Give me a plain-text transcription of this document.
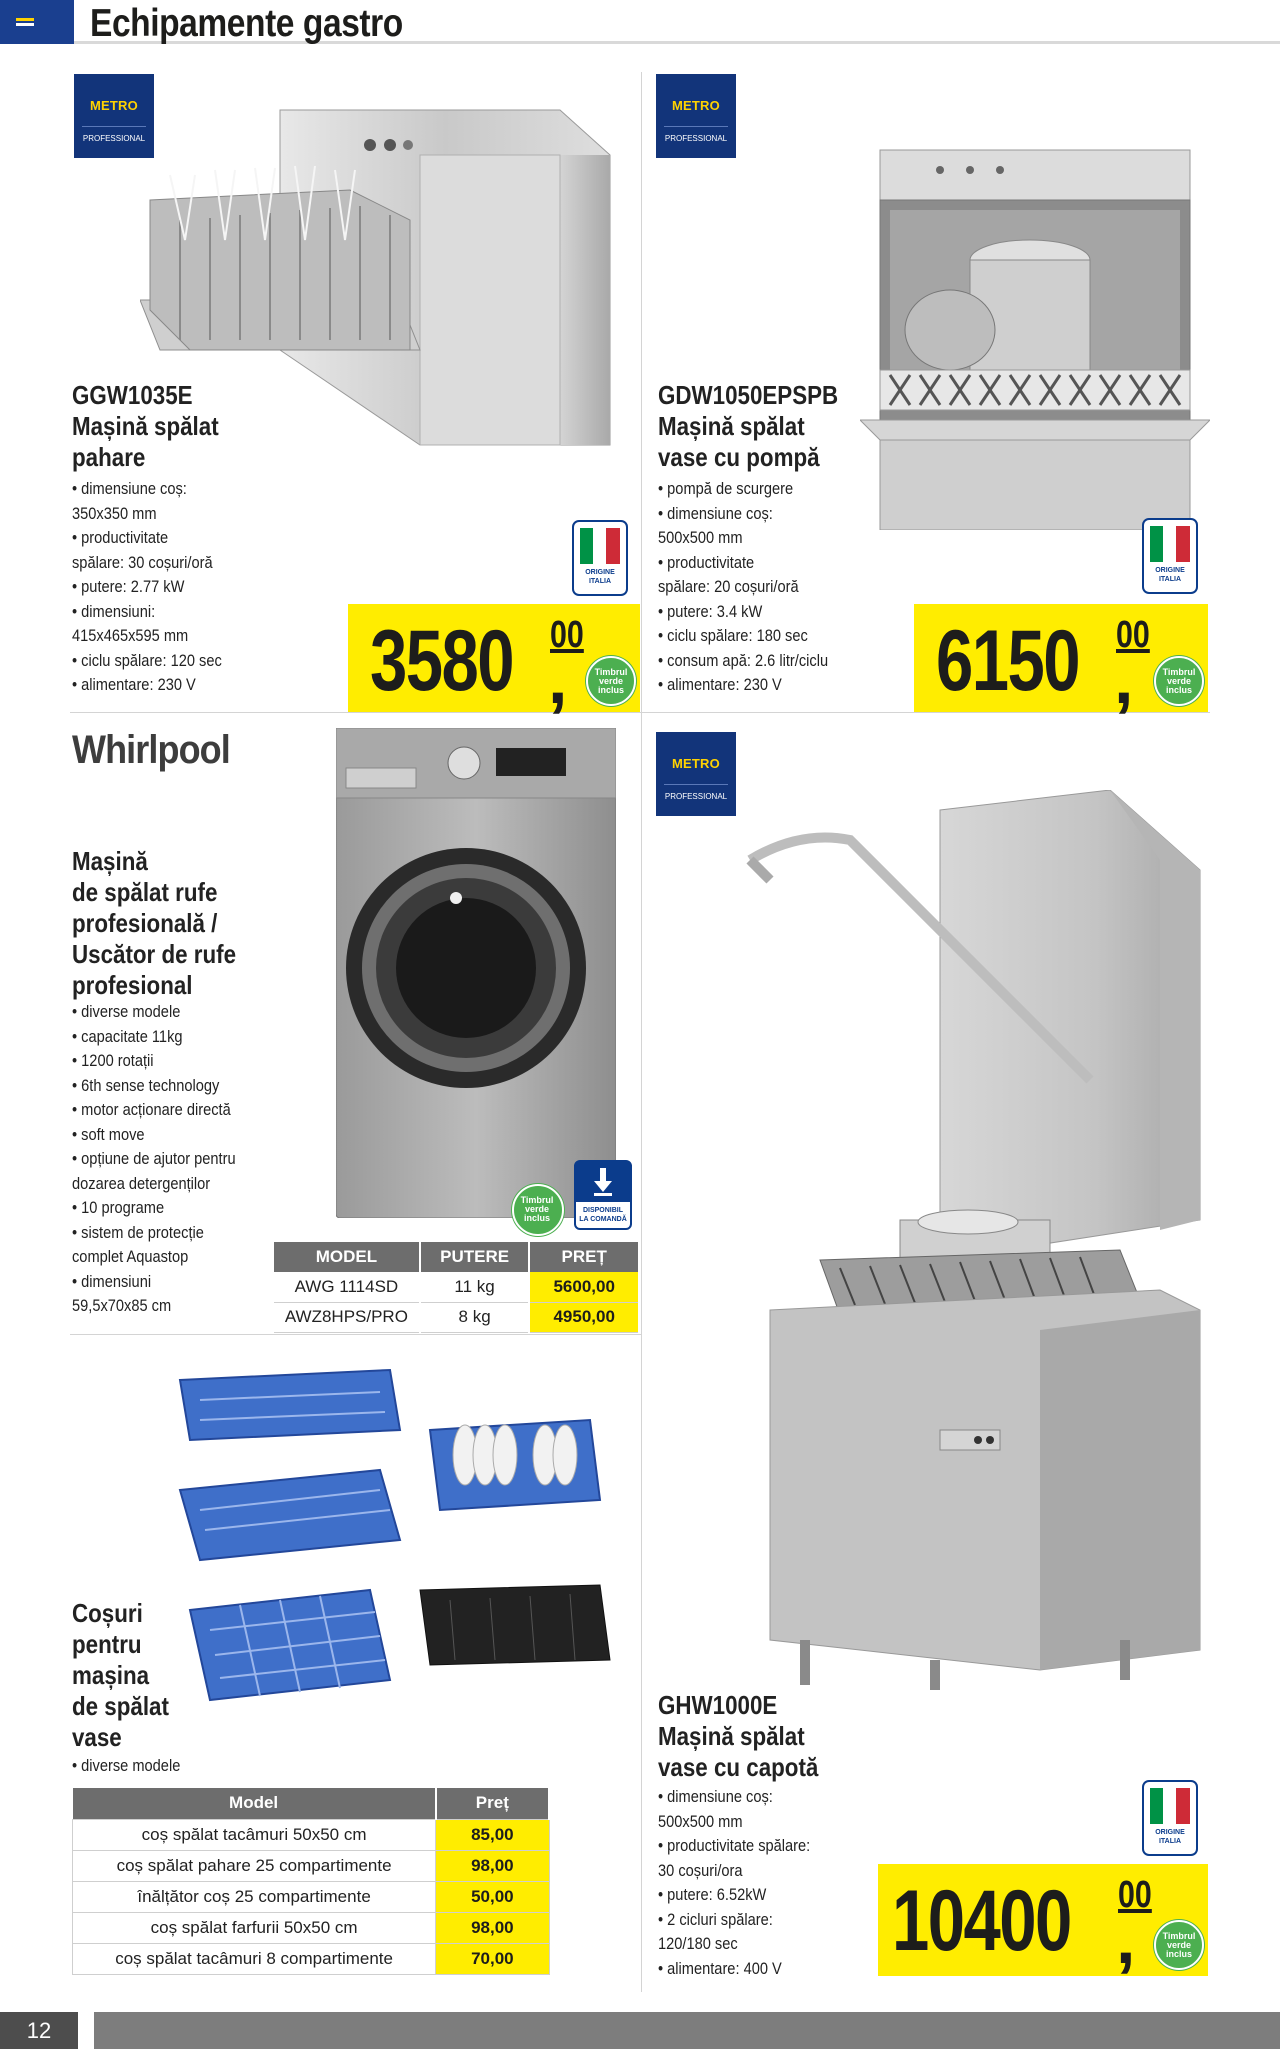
Echipamente gastro
METRO
PROFESSIONAL
GGW1035E
Mașină spălat
pahare
• dimensiune coș:
350x350 mm
• productivitate
spălare: 30 coșuri/oră
• putere: 2.77 kW
• dimensiuni:
415x465x595 mm
• ciclu spălare: 120 sec
• alimentare: 230 V
ORIGINE
ITALIA
3580 ,
00
Timbrul
verde
inclus
METRO
PROFESSIONAL
GDW1050EPSPB
Mașină spălat
vase cu pompă
• pompă de scurgere
• dimensiune coș:
500x500 mm
• productivitate
spălare: 20 coșuri/oră
• putere: 3.4 kW
• ciclu spălare: 180 sec
• consum apă: 2.6 litr/ciclu
• alimentare: 230 V
ORIGINE
ITALIA
6150 ,
00
Timbrul
verde
inclus
Whirlpool
Mașină
de spălat rufe
profesională /
Uscător de rufe
profesional
• diverse modele
• capacitate 11kg
• 1200 rotații
• 6th sense technology
• motor acționare directă
• soft move
• opțiune de ajutor pentru
dozarea detergenților
• 10 programe
• sistem de protecție
complet Aquastop
• dimensiuni
59,5x70x85 cm
Timbrul
verde
inclus
DISPONIBIL
LA COMANDĂ
MODEL	PUTERE	PREȚ
AWG 1114SD	11 kg	5600,00
AWZ8HPS/PRO	8 kg	4950,00
Coșuri
pentru
mașina
de spălat
vase
• diverse modele
Model	Preț
coș spălat tacâmuri 50x50 cm	85,00
coș spălat pahare 25 compartimente	98,00
înălțător coș 25 compartimente	50,00
coș spălat farfurii 50x50 cm	98,00
coș spălat tacâmuri 8 compartimente	70,00
METRO
PROFESSIONAL
GHW1000E
Mașină spălat
vase cu capotă
• dimensiune coș:
500x500 mm
• productivitate spălare:
30 coșuri/ora
• putere: 6.52kW
• 2 cicluri spălare:
120/180 sec
• alimentare: 400 V
ORIGINE
ITALIA
10400 ,
00
Timbrul
verde
inclus
12
